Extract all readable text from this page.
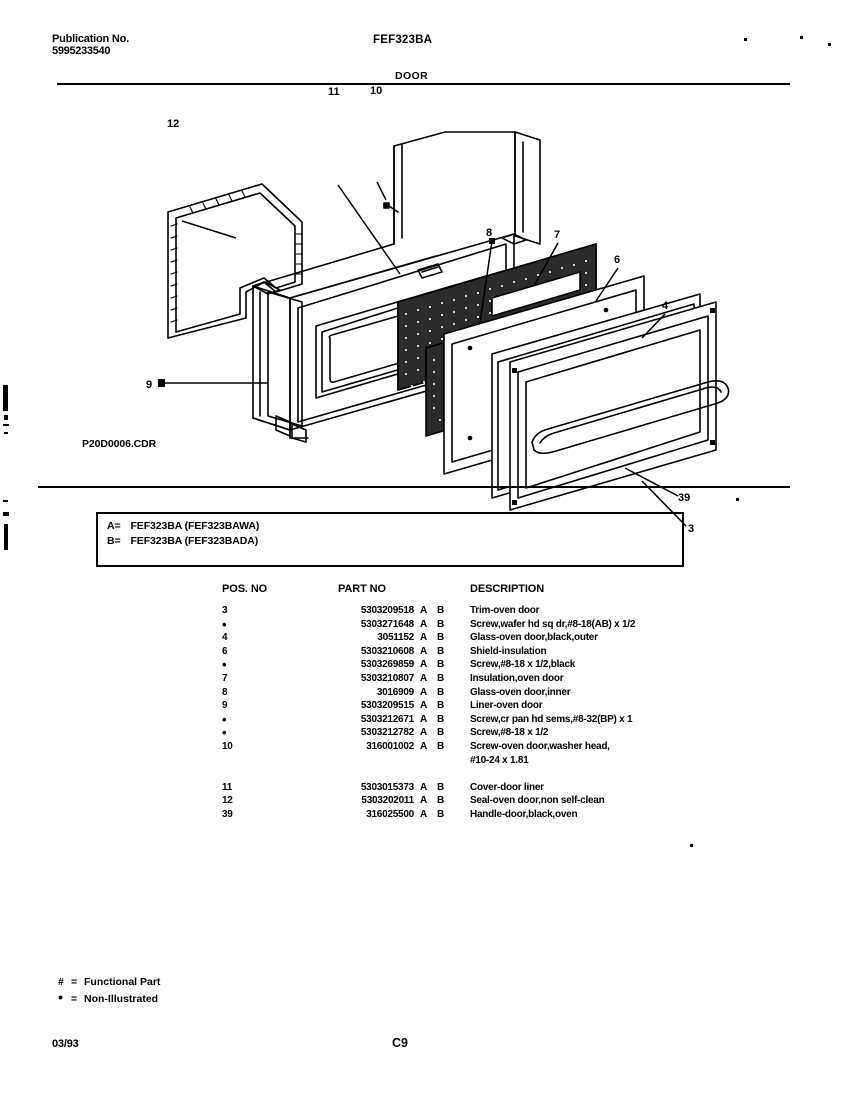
Publication No.
5995233540
FEF323BA
DOOR
12
11	10
9
8	7
6
4
39
3
P20D0006.CDR
A= FEF323BA (FEF323BAWA)
B= FEF323BA (FEF323BADA)
POS. NO	PART NO	DESCRIPTION
3	5303209518 A B	Trim-oven door
•	5303271648 A B	Screw,wafer hd sq dr,#8-18(AB) x 1/2
4	3051152 A B	Glass-oven door,black,outer
6	5303210608 A B	Shield-insulation
•	5303269859 A B	Screw,#8-18 x 1/2,black
7	5303210807 A B	Insulation,oven door
8	3016909 A B	Glass-oven door,inner
9	5303209515 A B	Liner-oven door
•	5303212671 A B	Screw,cr pan hd sems,#8-32(BP) x 1
•	5303212782 A B	Screw,#8-18 x 1/2
10	316001002 A B	Screw-oven door,washer head,
#10-24 x 1.81
11	5303015373 A B	Cover-door liner
12	5303202011 A B	Seal-oven door,non self-clean
39	316025500 A B	Handle-door,black,oven
# = Functional Part
• = Non-Illustrated
03/93	C9
